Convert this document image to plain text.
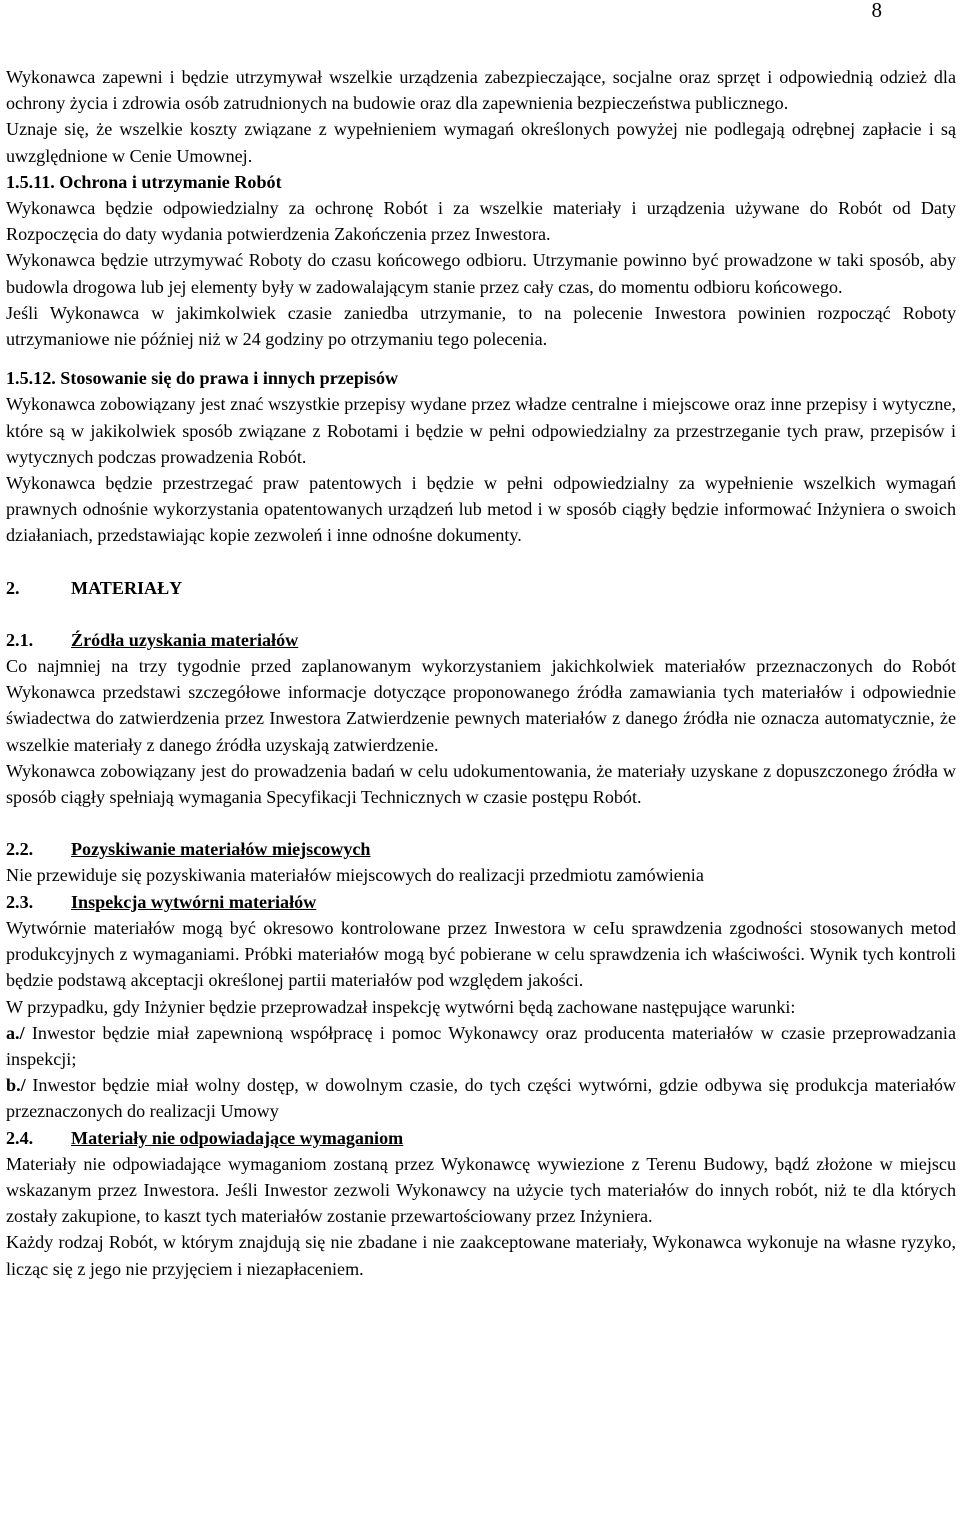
8

Wykonawca zapewni i będzie utrzymywał wszelkie urządzenia zabezpieczające, socjalne oraz sprzęt i odpowiednią odzież dla ochrony życia i zdrowia osób zatrudnionych na budowie oraz dla zapewnienia bezpieczeństwa publicznego.

Uznaje się, że wszelkie koszty związane z wypełnieniem wymagań określonych powyżej nie podlegają odrębnej zapłacie i są uwzględnione w Cenie Umownej.

1.5.11. Ochrona i utrzymanie Robót

Wykonawca będzie odpowiedzialny za ochronę Robót i za wszelkie materiały i urządzenia używane do Robót od Daty Rozpoczęcia do daty wydania potwierdzenia Zakończenia przez Inwestora.

Wykonawca będzie utrzymywać Roboty do czasu końcowego odbioru. Utrzymanie powinno być prowadzone w taki sposób, aby budowla drogowa lub jej elementy były w zadowalającym stanie przez cały czas, do momentu odbioru końcowego.

Jeśli Wykonawca w jakimkolwiek czasie zaniedba utrzymanie, to na polecenie Inwestora powinien rozpocząć Roboty utrzymaniowe nie później niż w 24 godziny po otrzymaniu tego polecenia.

1.5.12. Stosowanie się do prawa i innych przepisów

Wykonawca zobowiązany jest znać wszystkie przepisy wydane przez władze centralne i miejscowe oraz inne przepisy i wytyczne, które są w jakikolwiek sposób związane z Robotami i będzie w pełni odpowiedzialny za przestrzeganie tych praw, przepisów i wytycznych podczas prowadzenia Robót.

Wykonawca będzie przestrzegać praw patentowych i będzie w pełni odpowiedzialny za wypełnienie wszelkich wymagań prawnych odnośnie wykorzystania opatentowanych urządzeń lub metod i w sposób ciągły będzie informować Inżyniera o swoich działaniach, przedstawiając kopie zezwoleń i inne odnośne dokumenty.

2.	MATERIAŁY

2.1. Źródła uzyskania materiałów

Co najmniej na trzy tygodnie przed zaplanowanym wykorzystaniem jakichkolwiek materiałów przeznaczonych do Robót Wykonawca przedstawi szczegółowe informacje dotyczące proponowanego źródła zamawiania tych materiałów i odpowiednie świadectwa do zatwierdzenia przez Inwestora Zatwierdzenie pewnych materiałów z danego źródła nie oznacza automatycznie, że wszelkie materiały z danego źródła uzyskają zatwierdzenie.

Wykonawca zobowiązany jest do prowadzenia badań w celu udokumentowania, że materiały uzyskane z dopuszczonego źródła w sposób ciągły spełniają wymagania Specyfikacji Technicznych w czasie postępu Robót.

2.2. Pozyskiwanie materiałów miejscowych

Nie przewiduje się pozyskiwania materiałów miejscowych do realizacji przedmiotu zamówienia

2.3. Inspekcja wytwórni materiałów

Wytwórnie materiałów mogą być okresowo kontrolowane przez Inwestora w ceIu sprawdzenia zgodności stosowanych metod produkcyjnych z wymaganiami. Próbki materiałów mogą być pobierane w celu sprawdzenia ich właściwości. Wynik tych kontroli będzie podstawą akceptacji określonej partii materiałów pod względem jakości.

W przypadku, gdy Inżynier będzie przeprowadzał inspekcję wytwórni będą zachowane następujące warunki:

a./ Inwestor będzie miał zapewnioną współpracę i pomoc Wykonawcy oraz producenta materiałów w czasie przeprowadzania inspekcji;

b./ Inwestor będzie miał wolny dostęp, w dowolnym czasie, do tych części wytwórni, gdzie odbywa się produkcja materiałów przeznaczonych do realizacji Umowy

2.4. Materiały nie odpowiadające wymaganiom

Materiały nie odpowiadające wymaganiom zostaną przez Wykonawcę wywiezione z Terenu Budowy, bądź złożone w miejscu wskazanym przez Inwestora. Jeśli Inwestor zezwoli Wykonawcy na użycie tych materiałów do innych robót, niż te dla których zostały zakupione, to kaszt tych materiałów zostanie przewartościowany przez Inżyniera.

Każdy rodzaj Robót, w którym znajdują się nie zbadane i nie zaakceptowane materiały, Wykonawca wykonuje na własne ryzyko, licząc się z jego nie przyjęciem i niezapłaceniem.
